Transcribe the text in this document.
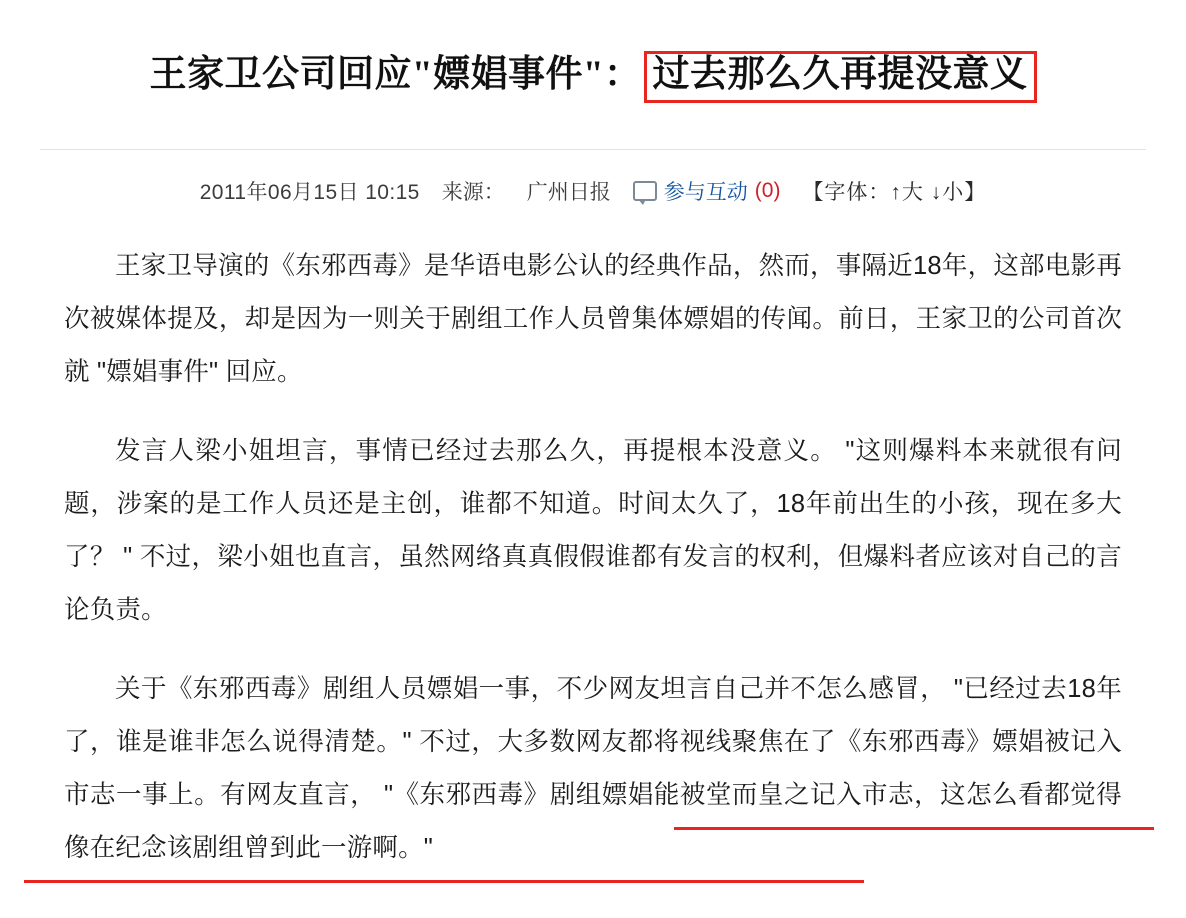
王家卫公司回应"嫖娼事件"： 过去那么久再提没意义
2011年06月15日 10:15 来源： 广州日报	参与互动 (0) 【字体：↑大 ↓小】

王家卫导演的《东邪西毒》是华语电影公认的经典作品，然而，事隔近18年，这部电影再次被媒体提及，却是因为一则关于剧组工作人员曾集体嫖娼的传闻。前日，王家卫的公司首次就 "嫖娼事件" 回应。

发言人梁小姐坦言，事情已经过去那么久，再提根本没意义。 "这则爆料本来就很有问题，涉案的是工作人员还是主创，谁都不知道。时间太久了，18年前出生的小孩，现在多大了？ " 不过，梁小姐也直言，虽然网络真真假假谁都有发言的权利，但爆料者应该对自己的言论负责。

关于《东邪西毒》剧组人员嫖娼一事，不少网友坦言自己并不怎么感冒， "已经过去18年了，谁是谁非怎么说得清楚。" 不过，大多数网友都将视线聚焦在了《东邪西毒》嫖娼被记入市志一事上。有网友直言， "《东邪西毒》剧组嫖娼能被堂而皇之记入市志，这怎么看都觉得像在纪念该剧组曾到此一游啊。"
